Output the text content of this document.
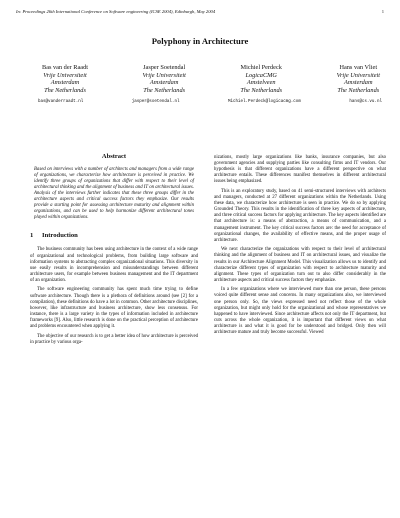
In: Proceedings 26th International Conference on Software engineering (ICSE 2004), Edinburgh, May 2004	1
Polyphony in Architecture
Bas van der Raadt
Vrije Universiteit
Amsterdam
The Netherlands
Jasper Soetendal
Vrije Universiteit
Amsterdam
The Netherlands
Michiel Perdeck
LogicaCMG
Amstelveen
The Netherlands
Hans van Vliet
Vrije Universiteit
Amsterdam
The Netherlands
bas@vanderraadt.nl	jasper@soetendal.nl	Michiel.Perdeck@logicacmg.com	hans@cs.vu.nl
Abstract
Based on interviews with a number of architects and managers from a wide range of organizations, we characterize how architecture is perceived in practice. We identify three groups of organizations that differ with respect to their level of architectural thinking and the alignment of business and IT on architectural issues. Analysis of the interviews further indicates that these three groups differ in the architecture aspects and critical success factors they emphasize. Our results provide a starting point for assessing architecture maturity and alignment within organizations, and can be used to help harmonize different architectural tones played within organizations.
1 Introduction

The business community has been using architecture in the context of a wide range of organizational and technological problems, from building large software and information systems to abstracting complex organizational situations. This diversity in use easily results in incomprehension and misunderstandings between different architecture users, for example between business management and the IT department of an organization.

The software engineering community has spent much time trying to define software architecture. Though there is a plethora of definitions around (see [2] for a compilation), these definitions do have a lot in common. Other architecture disciplines, however, like infrastructure and business architecture, show less consensus. For instance, there is a large variety in the types of information included in architecture frameworks [9]. Also, little research is done on the practical perception of architecture and problems encountered when applying it.

The objective of our research is to get a better idea of how architecture is perceived in practice by various orga-

nizations, mostly large organizations like banks, insurance companies, but also government agencies and supplying parties like consulting firms and IT vendors. Our hypothesis is that different organizations have a different perspective on what architecture entails. These differences manifest themselves in different architectural issues being emphasized.

This is an exploratory study, based on 41 semi-structured interviews with architects and managers, conducted at 27 different organizations within the Netherlands. Using these data, we characterize how architecture is seen in practice. We do so by applying Grounded Theory. This results in the identification of three key aspects of architecture, and three critical success factors for applying architecture. The key aspects identified are that architecture is: a means of abstraction, a means of communication, and a management instrument. The key critical success factors are: the need for acceptance of organizational changes, the availability of effective means, and the proper usage of architecture.

We next characterize the organizations with respect to their level of architectural thinking and the alignment of business and IT on architectural issues, and visualize the results in our Architecture Alignment Model. This visualization allows us to identify and characterize different types of organization with respect to architecture maturity and alignment. These types of organization turn out to also differ considerably in the architecture aspects and critical success factors they emphasize.

In a few organizations where we interviewed more than one person, these persons voiced quite different sense and concerns. In many organizations also, we interviewed one person only. So, the views expressed need not reflect those of the whole organization, but might only hold for the organizational and whose representatives we happened to have interviewed. Since architecture affects not only the IT department, but cuts across the whole organization, it is important that different views on what architecture is and what it is good for be understood and bridged. Only then will architecture mature and truly become successful. Viewed
